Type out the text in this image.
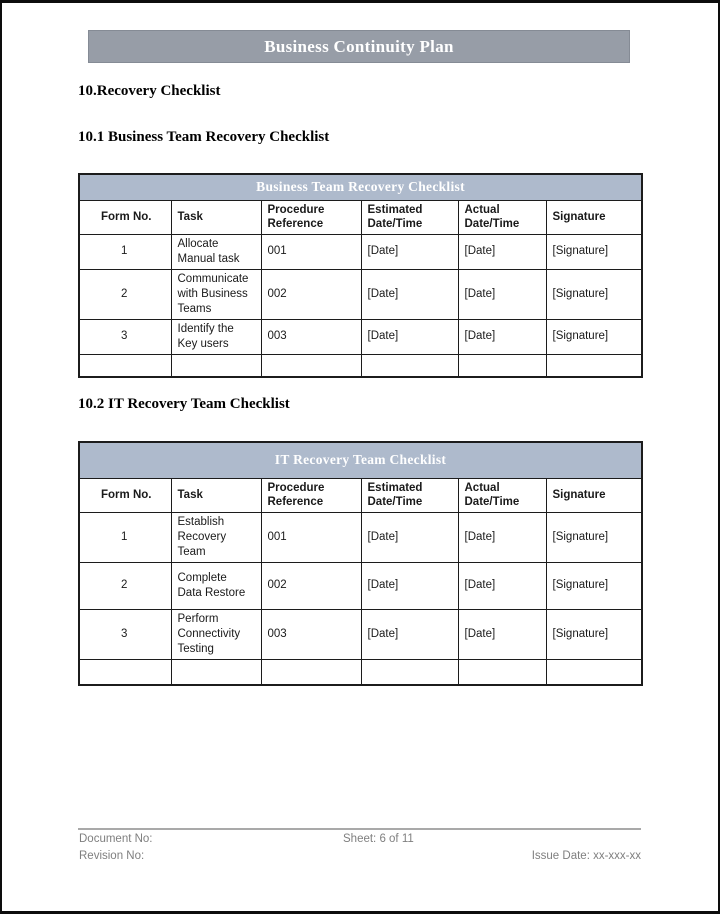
Business Continuity Plan
10.Recovery Checklist
10.1 Business Team Recovery Checklist
Business Team Recovery Checklist					
Form No.	Task	Procedure Reference	Estimated Date/Time	Actual Date/Time	Signature
1	Allocate Manual task	001	[Date]	[Date]	[Signature]
2	Communicate with Business Teams	002	[Date]	[Date]	[Signature]
3	Identify the Key users	003	[Date]	[Date]	[Signature]

10.2 IT Recovery Team Checklist
IT Recovery Team Checklist					
Form No.	Task	Procedure Reference	Estimated Date/Time	Actual Date/Time	Signature
1	Establish Recovery Team	001	[Date]	[Date]	[Signature]
2	Complete Data Restore	002	[Date]	[Date]	[Signature]
3	Perform Connectivity Testing	003	[Date]	[Date]	[Signature]

Document No:	Sheet: 6 of 11
Revision No:	Issue Date: xx-xxx-xx
